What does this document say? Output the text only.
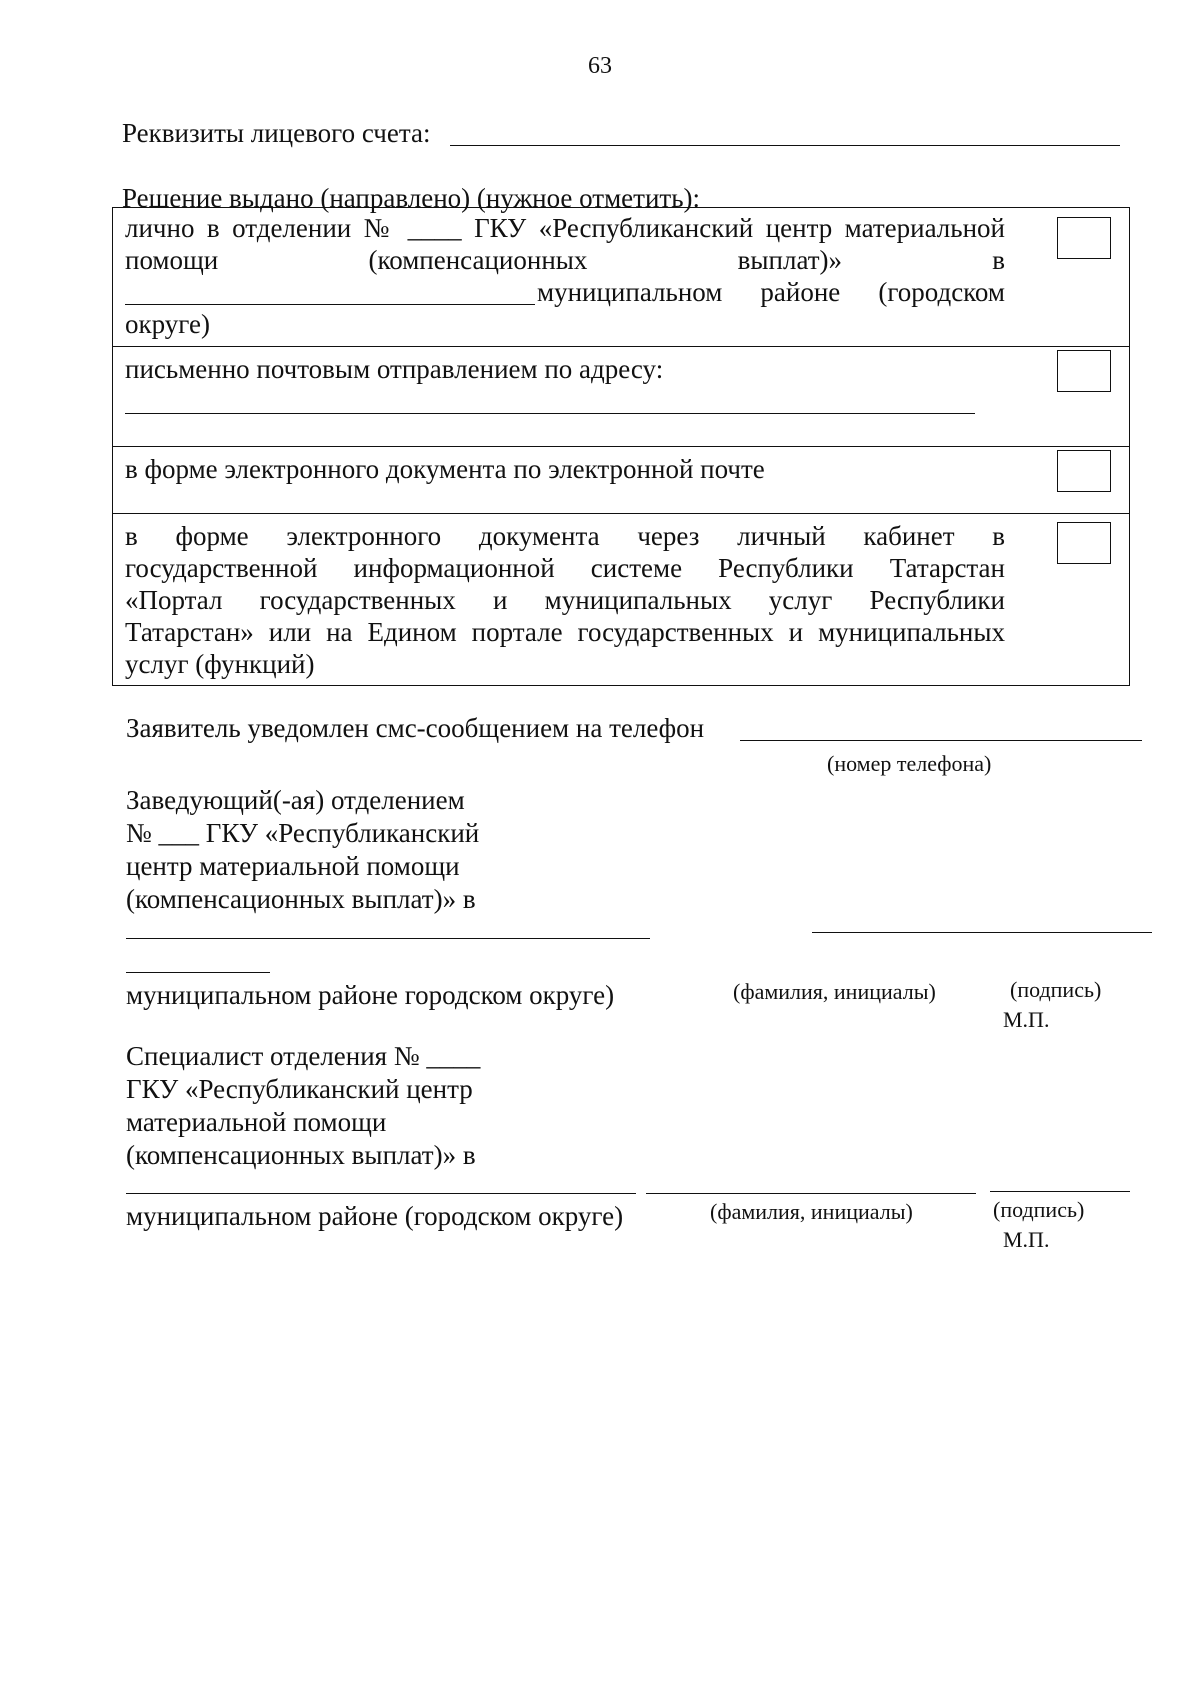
63
Реквизиты лицевого счета:
Решение выдано (направлено) (нужное отметить):
лично в отделении № ____ ГКУ «Республиканский центр материальной
помощи (компенсационных выплат)» в
муниципальном районе (городском
округе)
письменно почтовым отправлением по адресу:
в форме электронного документа по электронной почте
в форме электронного документа через личный кабинет в
государственной информационной системе Республики Татарстан
«Портал государственных и муниципальных услуг Республики
Татарстан» или на Едином портале государственных и муниципальных
услуг (функций)
Заявитель уведомлен смс-сообщением на телефон
(номер телефона)
Заведующий(-ая) отделением
№ ___ ГКУ «Республиканский
центр материальной помощи
(компенсационных выплат)» в
муниципальном районе городском округе)	(фамилия, инициалы)	(подпись)
М.П.
Специалист отделения № ____
ГКУ «Республиканский центр
материальной помощи
(компенсационных выплат)» в
муниципальном районе (городском округе)	(фамилия, инициалы)	(подпись)
М.П.
